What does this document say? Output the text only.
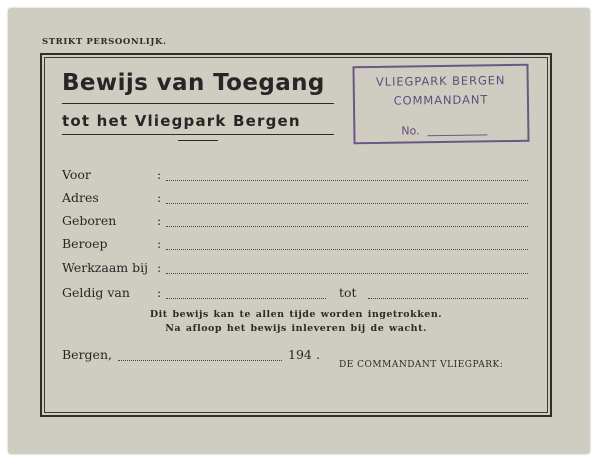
STRIKT PERSOONLIJK.
Bewijs van Toegang
tot het Vliegpark Bergen
VLIEGPARK BERGEN
COMMANDANT
No.
Voor	:
Adres	:
Geboren	:
Beroep	:
Werkzaam bij :
Geldig van :	tot
Dit bewijs kan te allen tijde worden ingetrokken.
Na afloop het bewijs inleveren bij de wacht.
Bergen,	194 .
DE COMMANDANT VLIEGPARK:
